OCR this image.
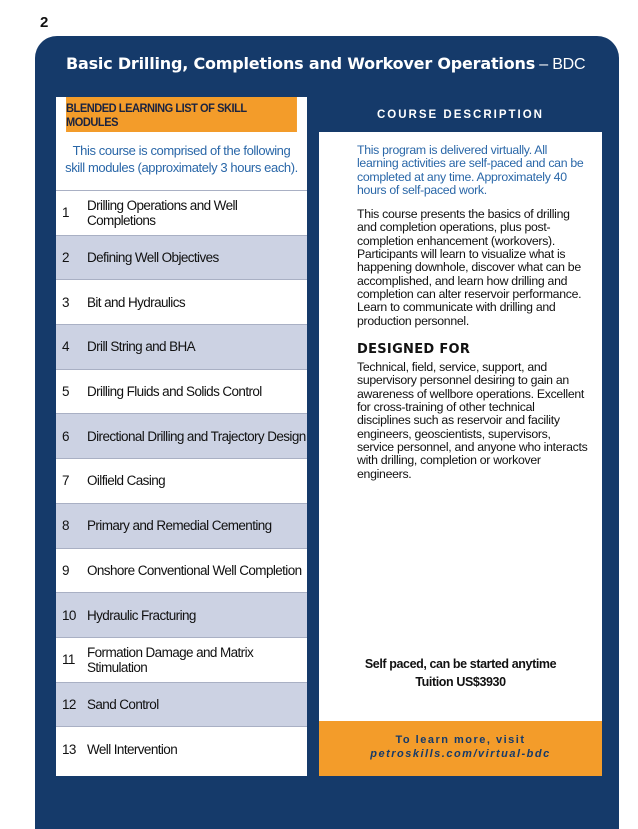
2
Basic Drilling, Completions and Workover Operations – BDC
BLENDED LEARNING LIST OF SKILL MODULES
This course is comprised of the following skill modules (approximately 3 hours each).
1	Drilling Operations and Well Completions
2	Defining Well Objectives
3	Bit and Hydraulics
4	Drill String and BHA
5	Drilling Fluids and Solids Control
6	Directional Drilling and Trajectory Design
7	Oilfield Casing
8	Primary and Remedial Cementing
9	Onshore Conventional Well Completion
10 Hydraulic Fracturing
11 Formation Damage and Matrix Stimulation
12 Sand Control
13 Well Intervention
COURSE DESCRIPTION

This program is delivered virtually. All learning activities are self-paced and can be completed at any time. Approximately 40 hours of self-paced work.

This course presents the basics of drilling and completion operations, plus post-completion enhancement (workovers). Participants will learn to visualize what is happening downhole, discover what can be accomplished, and learn how drilling and completion can alter reservoir performance. Learn to communicate with drilling and production personnel.

DESIGNED FOR

Technical, field, service, support, and supervisory personnel desiring to gain an awareness of wellbore operations. Excellent for cross-training of other technical disciplines such as reservoir and facility engineers, geoscientists, supervisors, service personnel, and anyone who interacts with drilling, completion or workover engineers.

Self paced, can be started anytime
Tuition US$3930
To learn more, visit
petroskills.com/virtual-bdc
